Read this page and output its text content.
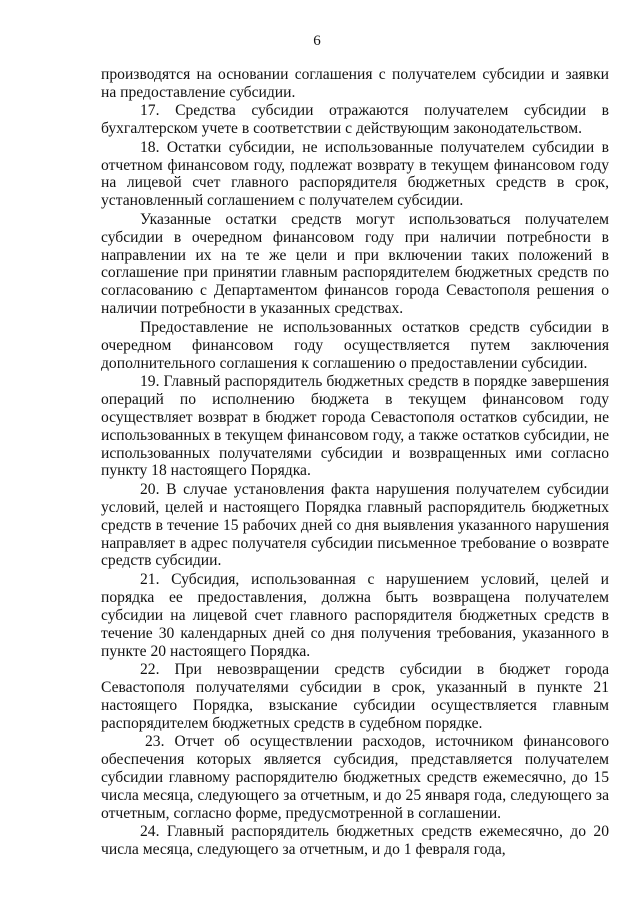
6

производятся на основании соглашения с получателем субсидии и заявки на предоставление субсидии.

17. Средства субсидии отражаются получателем субсидии в бухгалтерском учете в соответствии с действующим законодательством.

18. Остатки субсидии, не использованные получателем субсидии в отчетном финансовом году, подлежат возврату в текущем финансовом году на лицевой счет главного распорядителя бюджетных средств в срок, установленный соглашением с получателем субсидии.

Указанные остатки средств могут использоваться получателем субсидии в очередном финансовом году при наличии потребности в направлении их на те же цели и при включении таких положений в соглашение при принятии главным распорядителем бюджетных средств по согласованию с Департаментом финансов города Севастополя решения о наличии потребности в указанных средствах.

Предоставление не использованных остатков средств субсидии в очередном финансовом году осуществляется путем заключения дополнительного соглашения к соглашению о предоставлении субсидии.

19. Главный распорядитель бюджетных средств в порядке завершения операций по исполнению бюджета в текущем финансовом году осуществляет возврат в бюджет города Севастополя остатков субсидии, не использованных в текущем финансовом году, а также остатков субсидии, не использованных получателями субсидии и возвращенных ими согласно пункту 18 настоящего Порядка.

20. В случае установления факта нарушения получателем субсидии условий, целей и настоящего Порядка главный распорядитель бюджетных средств в течение 15 рабочих дней со дня выявления указанного нарушения направляет в адрес получателя субсидии письменное требование о возврате средств субсидии.

21. Субсидия, использованная с нарушением условий, целей и порядка ее предоставления, должна быть возвращена получателем субсидии на лицевой счет главного распорядителя бюджетных средств в течение 30 календарных дней со дня получения требования, указанного в пункте 20 настоящего Порядка.

22. При невозвращении средств субсидии в бюджет города Севастополя получателями субсидии в срок, указанный в пункте 21 настоящего Порядка, взыскание субсидии осуществляется главным распорядителем бюджетных средств в судебном порядке.

23. Отчет об осуществлении расходов, источником финансового обеспечения которых является субсидия, представляется получателем субсидии главному распорядителю бюджетных средств ежемесячно, до 15 числа месяца, следующего за отчетным, и до 25 января года, следующего за отчетным, согласно форме, предусмотренной в соглашении.

24. Главный распорядитель бюджетных средств ежемесячно, до 20 числа месяца, следующего за отчетным, и до 1 февраля года,
